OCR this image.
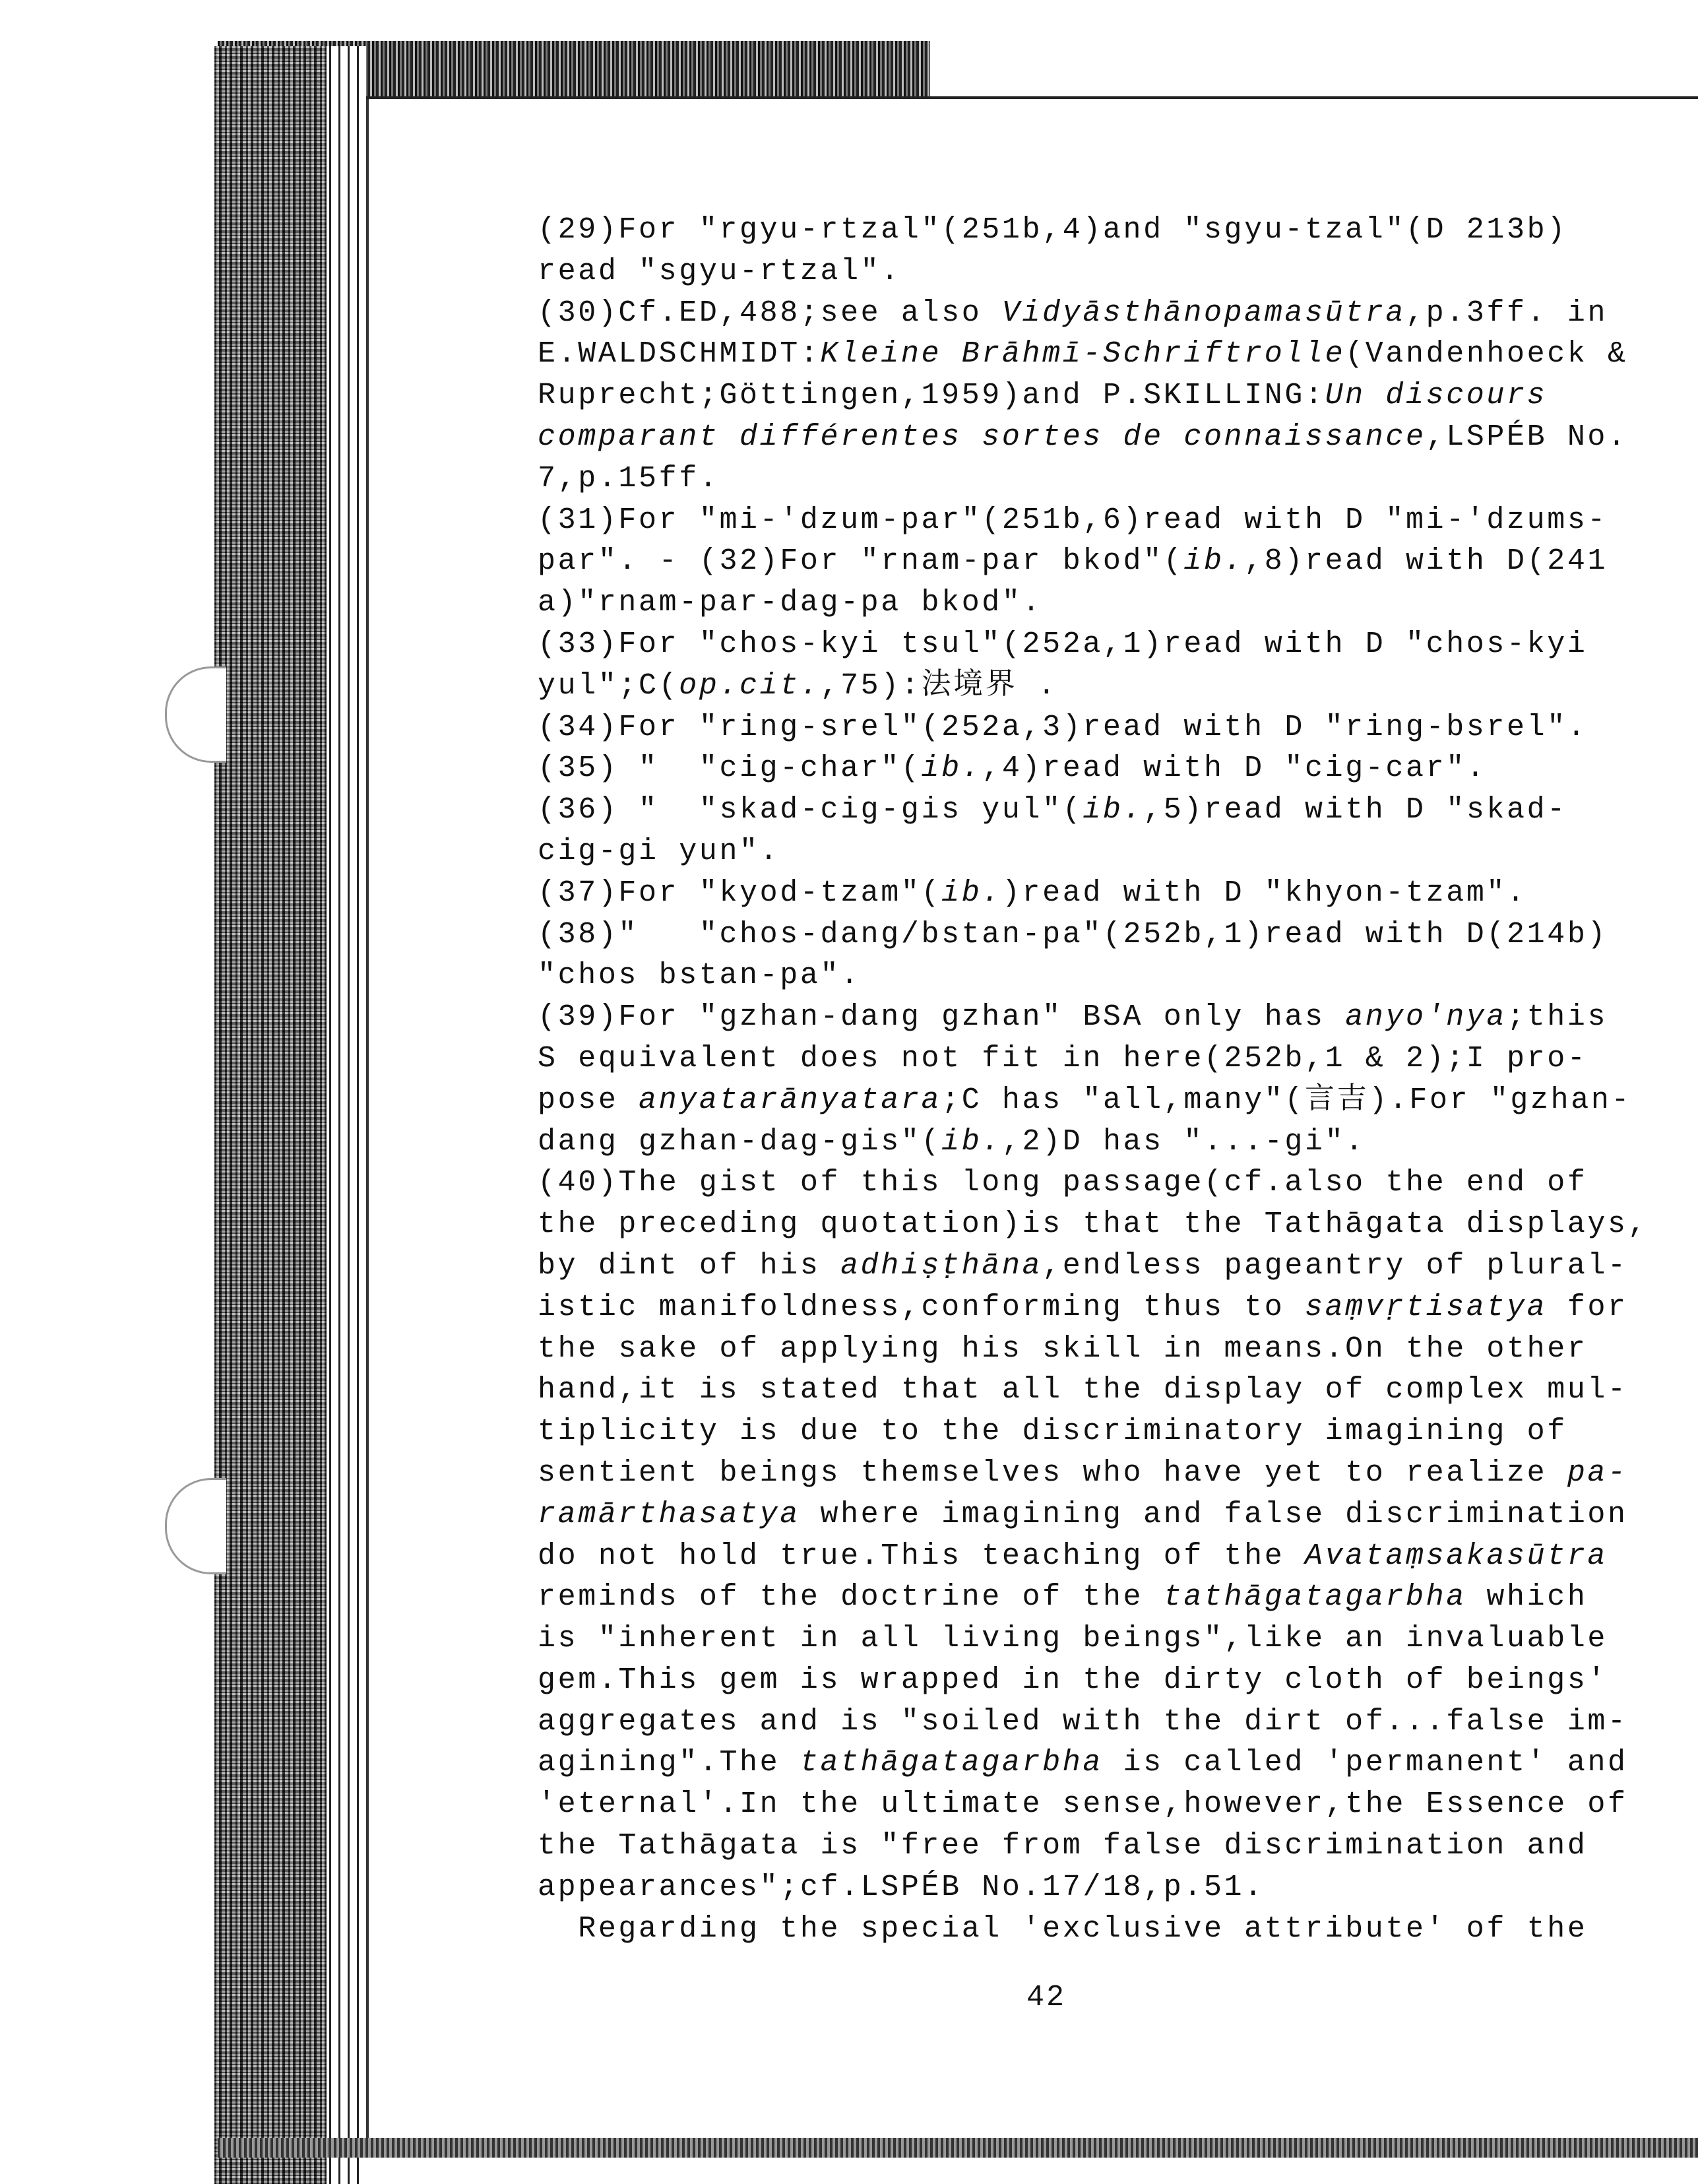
(29)For "rgyu-rtzal"(251b,4)and "sgyu-tzal"(D 213b)
read "sgyu-rtzal".
(30)Cf.ED,488;see also Vidyāsthānopamasūtra,p.3ff. in
E.WALDSCHMIDT:Kleine Brāhmī-Schriftrolle(Vandenhoeck &
Ruprecht;Göttingen,1959)and P.SKILLING:Un discours
comparant différentes sortes de connaissance,LSPÉB No.
7,p.15ff.
(31)For "mi-'dzum-par"(251b,6)read with D "mi-'dzums-
par". - (32)For "rnam-par bkod"(ib.,8)read with D(241
a)"rnam-par-dag-pa bkod".
(33)For "chos-kyi tsul"(252a,1)read with D "chos-kyi
yul";C(op.cit.,75):法境界 .
(34)For "ring-srel"(252a,3)read with D "ring-bsrel".
(35) "  "cig-char"(ib.,4)read with D "cig-car".
(36) "  "skad-cig-gis yul"(ib.,5)read with D "skad-
cig-gi yun".
(37)For "kyod-tzam"(ib.)read with D "khyon-tzam".
(38)"   "chos-dang/bstan-pa"(252b,1)read with D(214b)
"chos bstan-pa".
(39)For "gzhan-dang gzhan" BSA only has anyo'nya;this
S equivalent does not fit in here(252b,1 & 2);I pro-
pose anyatarānyatara;C has "all,many"(言吉).For "gzhan-
dang gzhan-dag-gis"(ib.,2)D has "...-gi".
(40)The gist of this long passage(cf.also the end of
the preceding quotation)is that the Tathāgata displays,
by dint of his adhiṣṭhāna,endless pageantry of plural-
istic manifoldness,conforming thus to saṃvṛtisatya for
the sake of applying his skill in means.On the other
hand,it is stated that all the display of complex mul-
tiplicity is due to the discriminatory imagining of
sentient beings themselves who have yet to realize pa-
ramārthasatya where imagining and false discrimination
do not hold true.This teaching of the Avataṃsakasūtra
reminds of the doctrine of the tathāgatagarbha which
is "inherent in all living beings",like an invaluable
gem.This gem is wrapped in the dirty cloth of beings'
aggregates and is "soiled with the dirt of...false im-
agining".The tathāgatagarbha is called 'permanent' and
'eternal'.In the ultimate sense,however,the Essence of
the Tathāgata is "free from false discrimination and
appearances";cf.LSPÉB No.17/18,p.51.
Regarding the special 'exclusive attribute' of the
42
